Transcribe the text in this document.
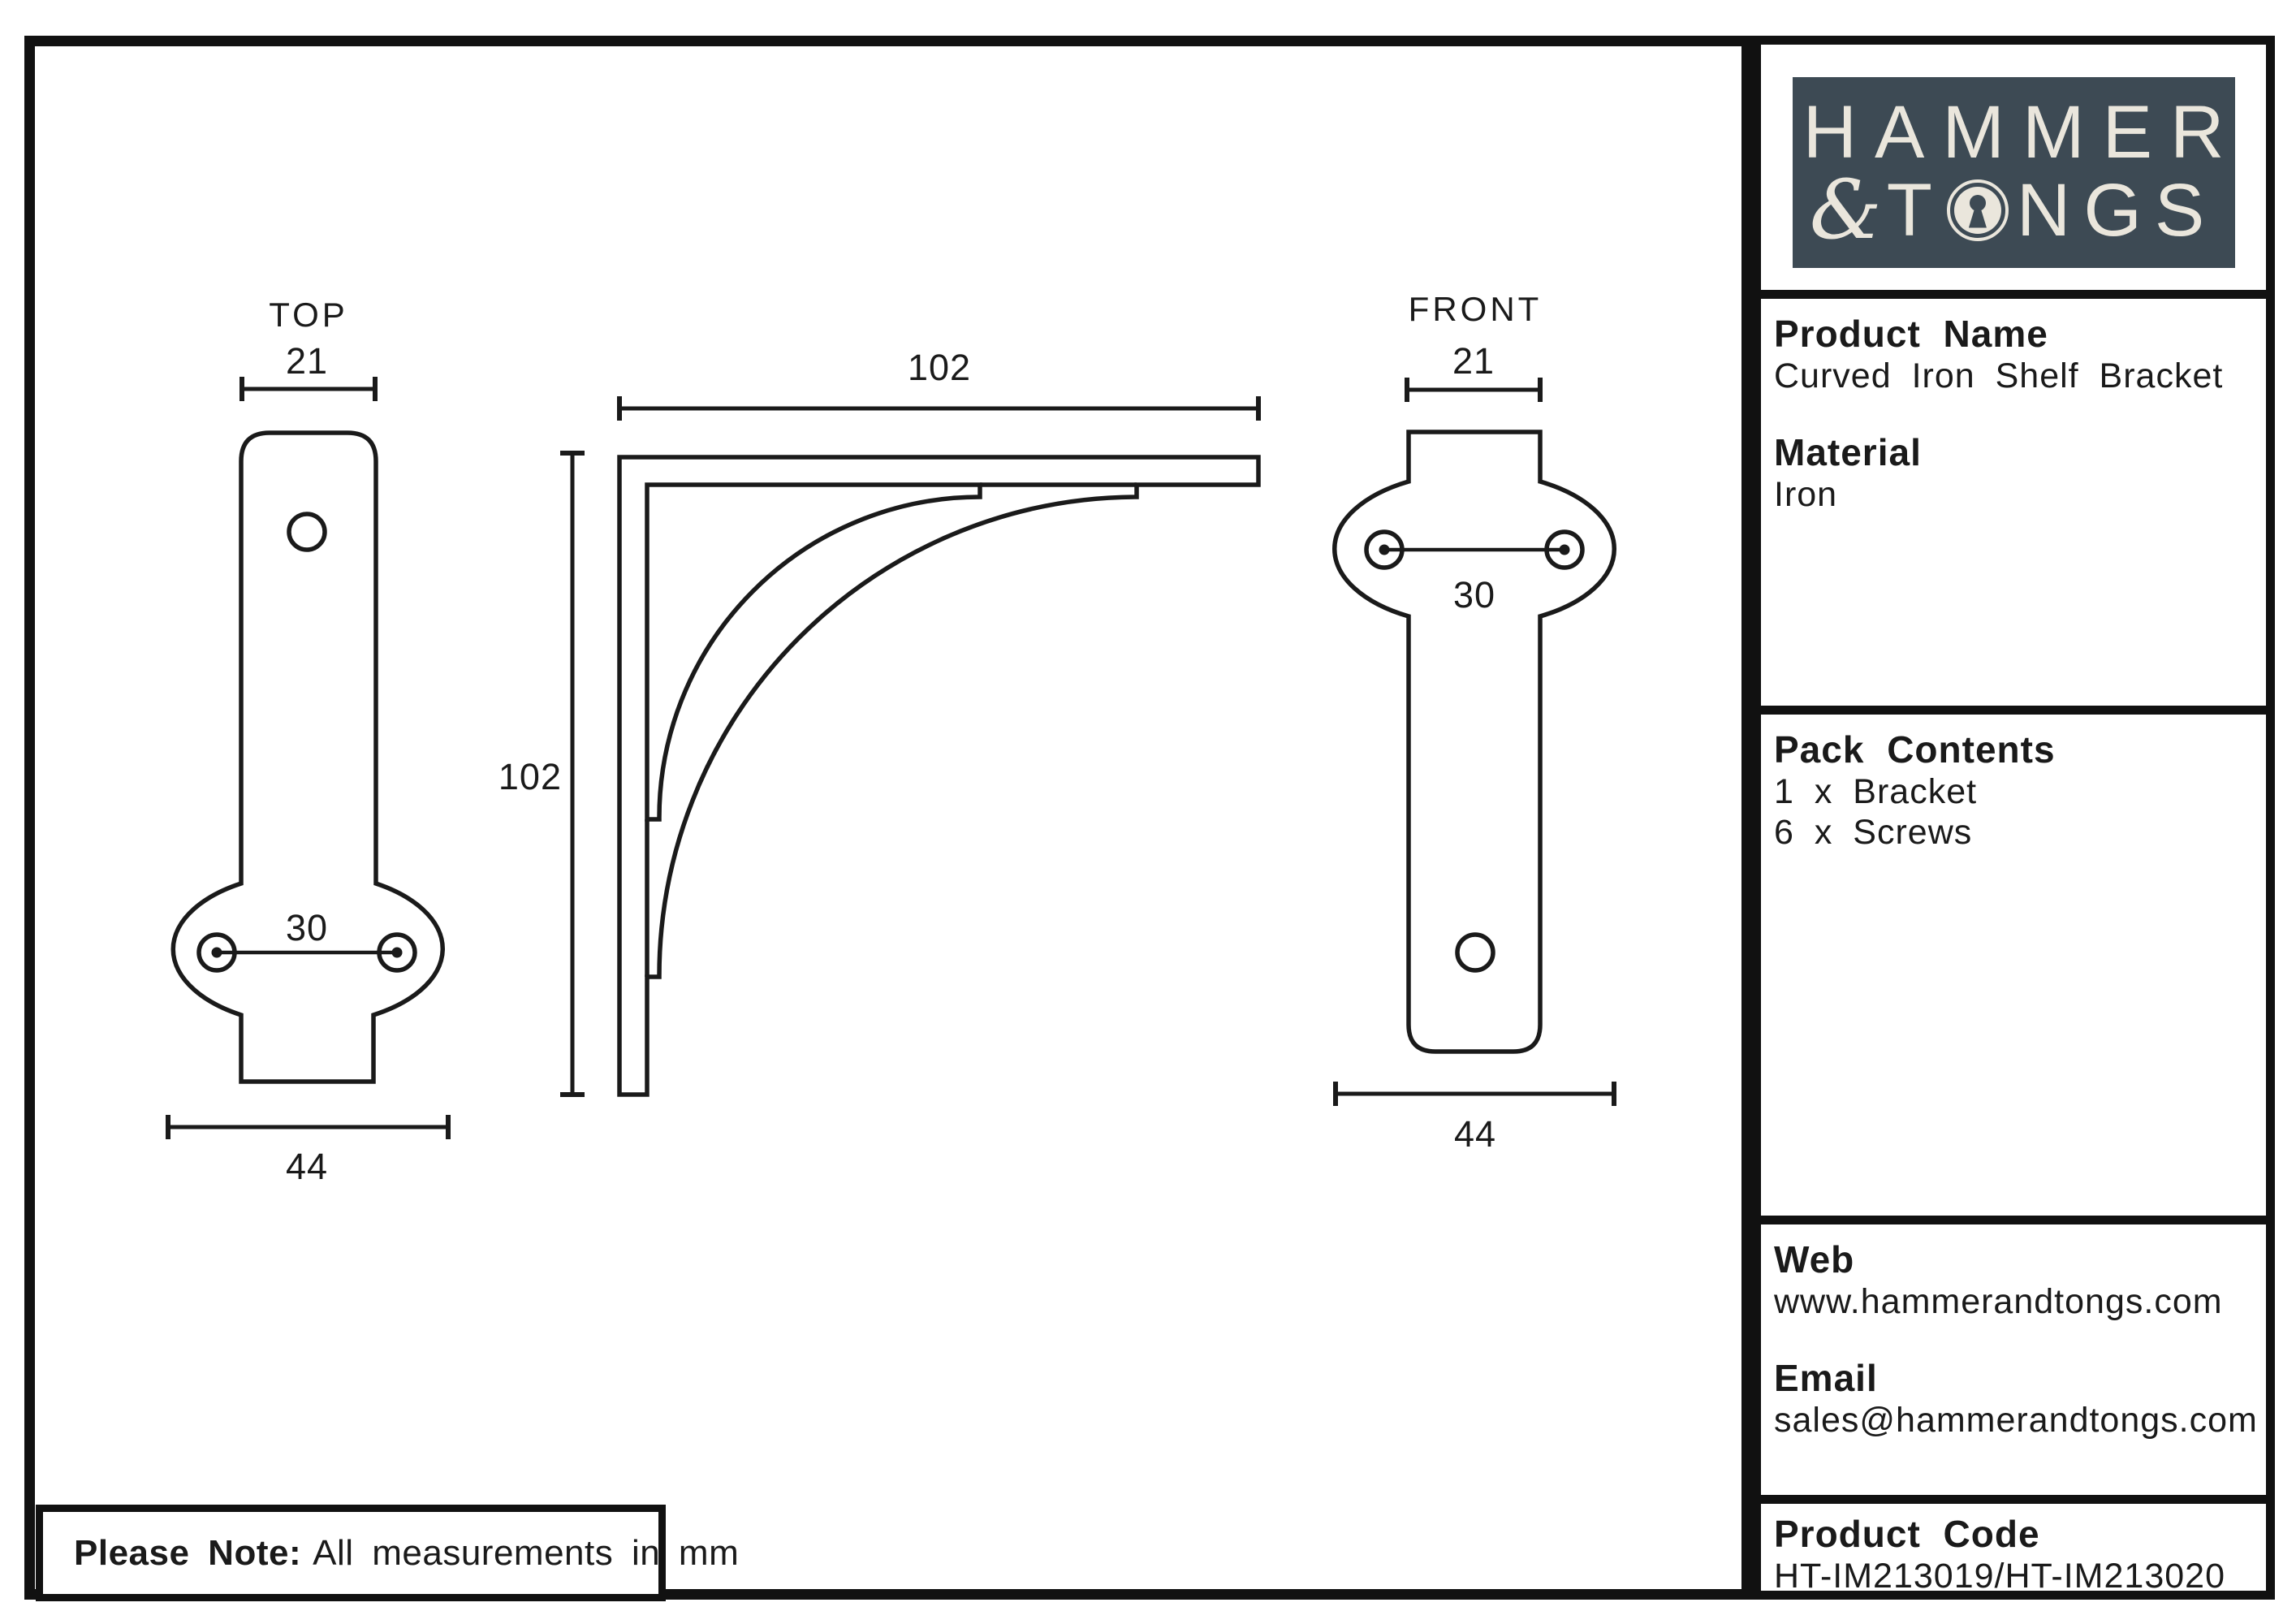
TOP
21
30
44
102
102
FRONT
21
30
44
Please Note: All measurements in mm
HAMMER
& T NGS
Product Name
Curved Iron Shelf Bracket
Material
Iron
Pack Contents
1 x Bracket
6 x Screws
Web
www.hammerandtongs.com
Email
sales@hammerandtongs.com
Product Code
HT-IM213019/HT-IM213020
